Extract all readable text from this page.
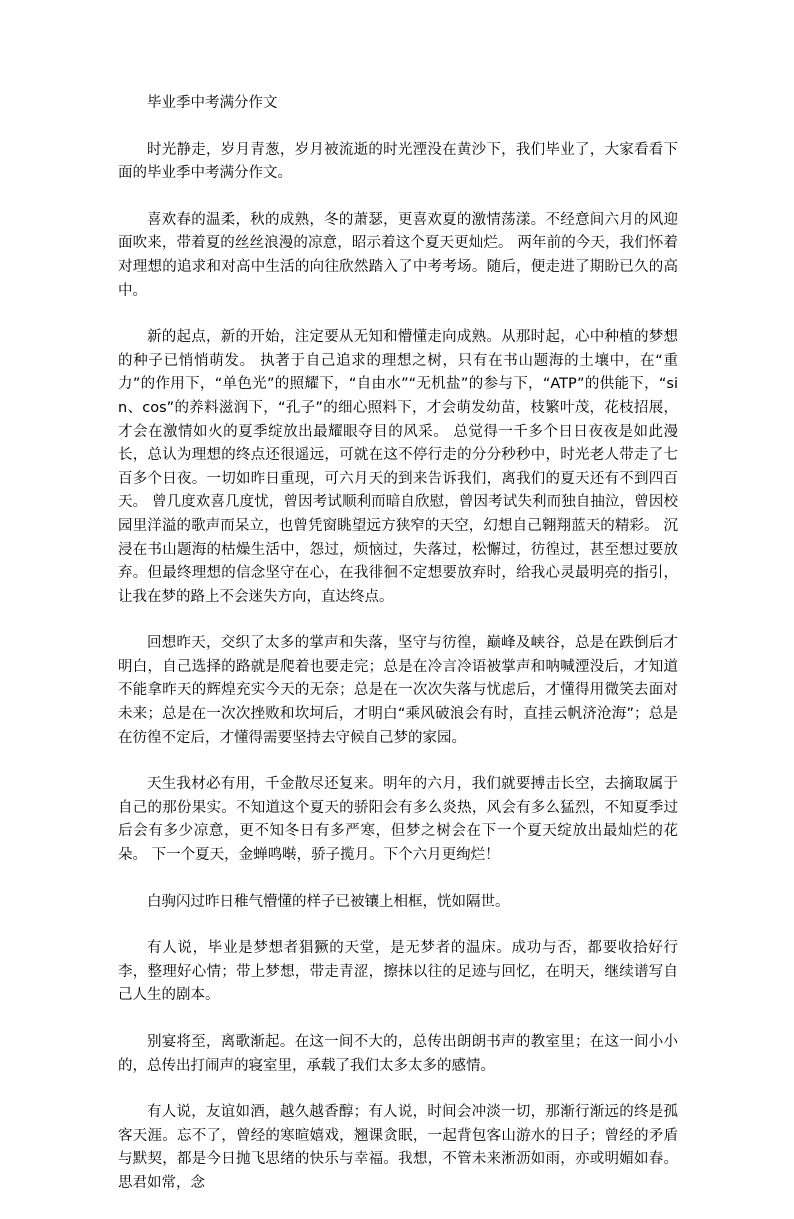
毕业季中考满分作文

时光静走，岁月青葱，岁月被流逝的时光湮没在黄沙下，我们毕业了，大家看看下面的毕业季中考满分作文。

喜欢春的温柔，秋的成熟，冬的萧瑟，更喜欢夏的激情荡漾。不经意间六月的风迎面吹来，带着夏的丝丝浪漫的凉意，昭示着这个夏天更灿烂。 两年前的今天，我们怀着对理想的追求和对高中生活的向往欣然踏入了中考考场。随后，便走进了期盼已久的高中。

新的起点，新的开始，注定要从无知和懵懂走向成熟。从那时起，心中种植的梦想的种子已悄悄萌发。 执著于自己追求的理想之树，只有在书山题海的土壤中，在“重力”的作用下，“单色光”的照耀下，“自由水”“无机盐”的参与下，“ATP”的供能下，“sin、cos”的养料滋润下，“孔子”的细心照料下，才会萌发幼苗，枝繁叶茂，花枝招展，才会在激情如火的夏季绽放出最耀眼夺目的风采。 总觉得一千多个日日夜夜是如此漫长，总认为理想的终点还很遥远，可就在这不停行走的分分秒秒中，时光老人带走了七百多个日夜。一切如昨日重现，可六月天的到来告诉我们，离我们的夏天还有不到四百天。 曾几度欢喜几度忧，曾因考试顺利而暗自欣慰，曾因考试失利而独自抽泣，曾因校园里洋溢的歌声而呆立，也曾凭窗眺望远方狭窄的天空，幻想自己翱翔蓝天的精彩。 沉浸在书山题海的枯燥生活中，怨过，烦恼过，失落过，松懈过，彷徨过，甚至想过要放弃。但最终理想的信念坚守在心，在我徘徊不定想要放弃时，给我心灵最明亮的指引，让我在梦的路上不会迷失方向，直达终点。

回想昨天，交织了太多的掌声和失落，坚守与彷徨，巅峰及峡谷，总是在跌倒后才明白，自己选择的路就是爬着也要走完；总是在冷言冷语被掌声和呐喊湮没后，才知道不能拿昨天的辉煌充实今天的无奈；总是在一次次失落与忧虑后，才懂得用微笑去面对未来；总是在一次次挫败和坎坷后，才明白“乘风破浪会有时，直挂云帆济沧海”；总是在彷徨不定后，才懂得需要坚持去守候自己梦的家园。

天生我材必有用，千金散尽还复来。明年的六月，我们就要搏击长空，去摘取属于自己的那份果实。不知道这个夏天的骄阳会有多么炎热，风会有多么猛烈，不知夏季过后会有多少凉意，更不知冬日有多严寒，但梦之树会在下一个夏天绽放出最灿烂的花朵。 下一个夏天，金蝉鸣啭，骄子揽月。下个六月更绚烂！

白驹闪过昨日稚气懵懂的样子已被镶上相框，恍如隔世。

有人说，毕业是梦想者猖獗的天堂，是无梦者的温床。成功与否，都要收拾好行李，整理好心情；带上梦想，带走青涩，擦抹以往的足迹与回忆，在明天，继续谱写自己人生的剧本。

别宴将至，离歌渐起。在这一间不大的，总传出朗朗书声的教室里；在这一间小小的，总传出打闹声的寝室里，承载了我们太多太多的感情。

有人说，友谊如酒，越久越香醇；有人说，时间会冲淡一切，那渐行渐远的终是孤客天涯。忘不了，曾经的寒暄嬉戏，翘课贪眠，一起背包客山游水的日子；曾经的矛盾与默契，都是今日抛飞思绪的快乐与幸福。我想，不管未来淅沥如雨，亦或明媚如春。思君如常，念
